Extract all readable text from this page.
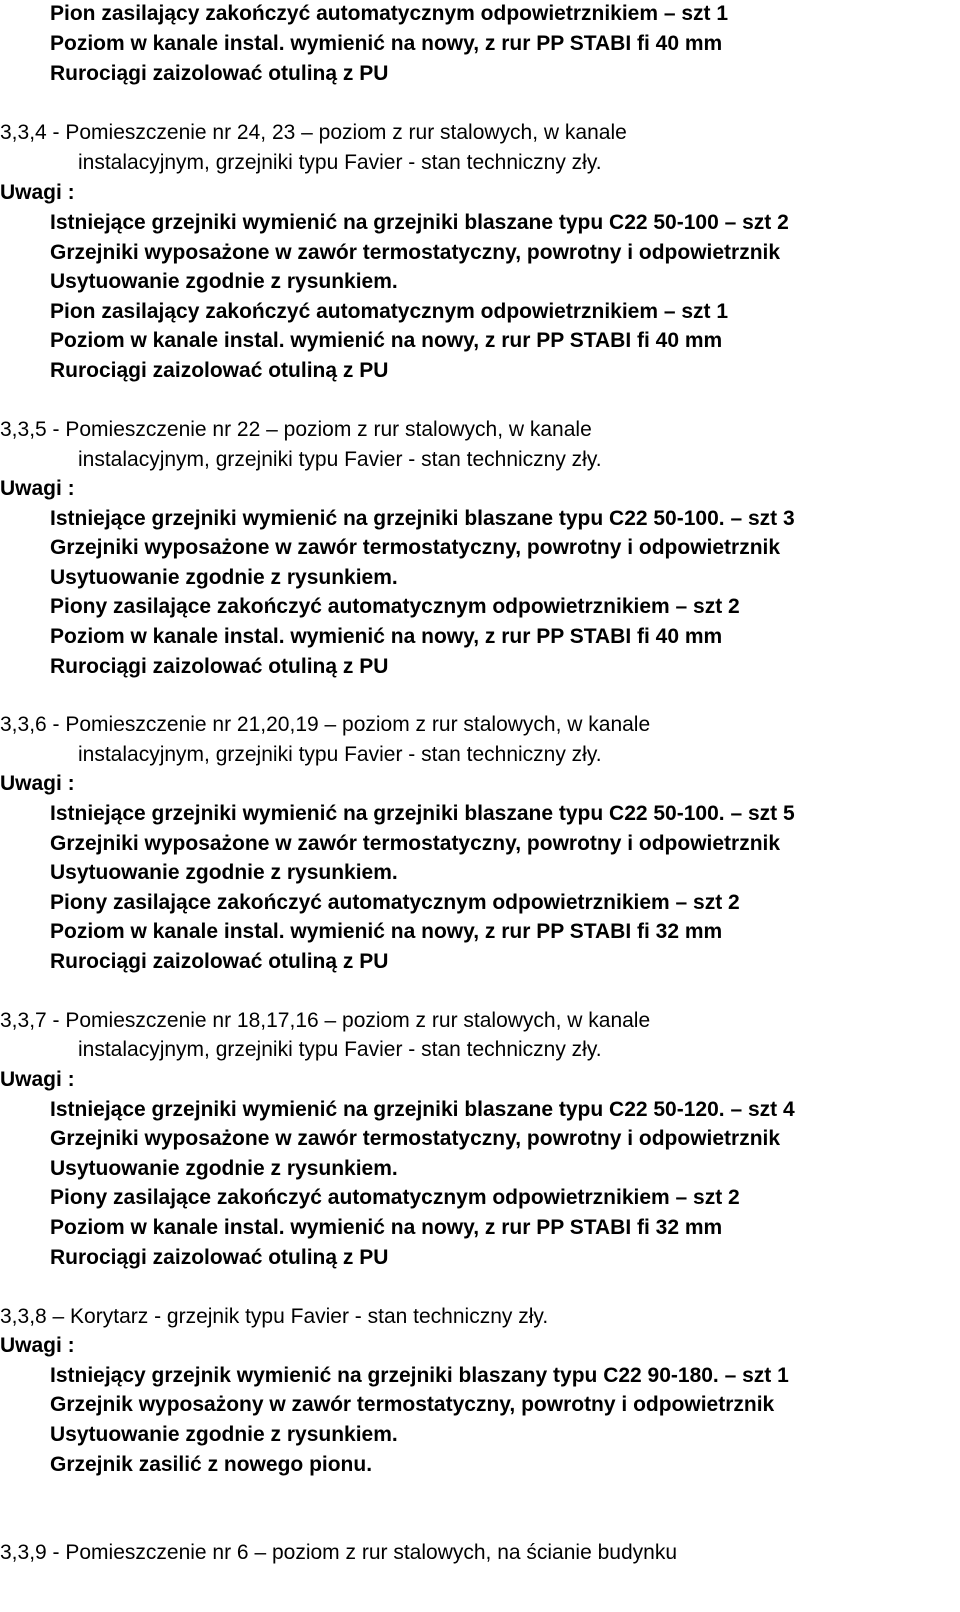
Pion zasilający zakończyć automatycznym odpowietrznikiem – szt 1
Poziom w kanale instal. wymienić na nowy, z rur PP STABI fi 40 mm
Rurociągi zaizolować otuliną z PU
3,3,4 - Pomieszczenie nr 24, 23 – poziom z rur stalowych, w kanale
instalacyjnym, grzejniki typu Favier - stan techniczny zły.
Uwagi :
Istniejące grzejniki wymienić na grzejniki blaszane typu C22 50-100 – szt 2
Grzejniki wyposażone w zawór termostatyczny, powrotny i odpowietrznik
Usytuowanie zgodnie z rysunkiem.
Pion zasilający zakończyć automatycznym odpowietrznikiem – szt 1
Poziom w kanale instal. wymienić na nowy, z rur PP STABI fi 40 mm
Rurociągi zaizolować otuliną z PU
3,3,5 - Pomieszczenie nr 22 – poziom z rur stalowych, w kanale
instalacyjnym, grzejniki typu Favier - stan techniczny zły.
Uwagi :
Istniejące grzejniki wymienić na grzejniki blaszane typu C22 50-100. – szt 3
Grzejniki wyposażone w zawór termostatyczny, powrotny i odpowietrznik
Usytuowanie zgodnie z rysunkiem.
Piony zasilające zakończyć automatycznym odpowietrznikiem – szt 2
Poziom w kanale instal. wymienić na nowy, z rur PP STABI fi 40 mm
Rurociągi zaizolować otuliną z PU
3,3,6 - Pomieszczenie nr 21,20,19 – poziom z rur stalowych, w kanale
instalacyjnym, grzejniki typu Favier - stan techniczny zły.
Uwagi :
Istniejące grzejniki wymienić na grzejniki blaszane typu C22 50-100. – szt 5
Grzejniki wyposażone w zawór termostatyczny, powrotny i odpowietrznik
Usytuowanie zgodnie z rysunkiem.
Piony zasilające zakończyć automatycznym odpowietrznikiem – szt 2
Poziom w kanale instal. wymienić na nowy, z rur PP STABI fi 32 mm
Rurociągi zaizolować otuliną z PU
3,3,7 - Pomieszczenie nr 18,17,16 – poziom z rur stalowych, w kanale
instalacyjnym, grzejniki typu Favier - stan techniczny zły.
Uwagi :
Istniejące grzejniki wymienić na grzejniki blaszane typu C22 50-120. – szt 4
Grzejniki wyposażone w zawór termostatyczny, powrotny i odpowietrznik
Usytuowanie zgodnie z rysunkiem.
Piony zasilające zakończyć automatycznym odpowietrznikiem – szt 2
Poziom w kanale instal. wymienić na nowy, z rur PP STABI fi 32 mm
Rurociągi zaizolować otuliną z PU
3,3,8 – Korytarz - grzejnik typu Favier - stan techniczny zły.
Uwagi :
Istniejący grzejnik wymienić na grzejniki blaszany typu C22 90-180. – szt 1
Grzejnik wyposażony w zawór termostatyczny, powrotny i odpowietrznik
Usytuowanie zgodnie z rysunkiem.
Grzejnik zasilić z nowego pionu.
3,3,9 - Pomieszczenie nr 6 – poziom z rur stalowych, na ścianie budynku
